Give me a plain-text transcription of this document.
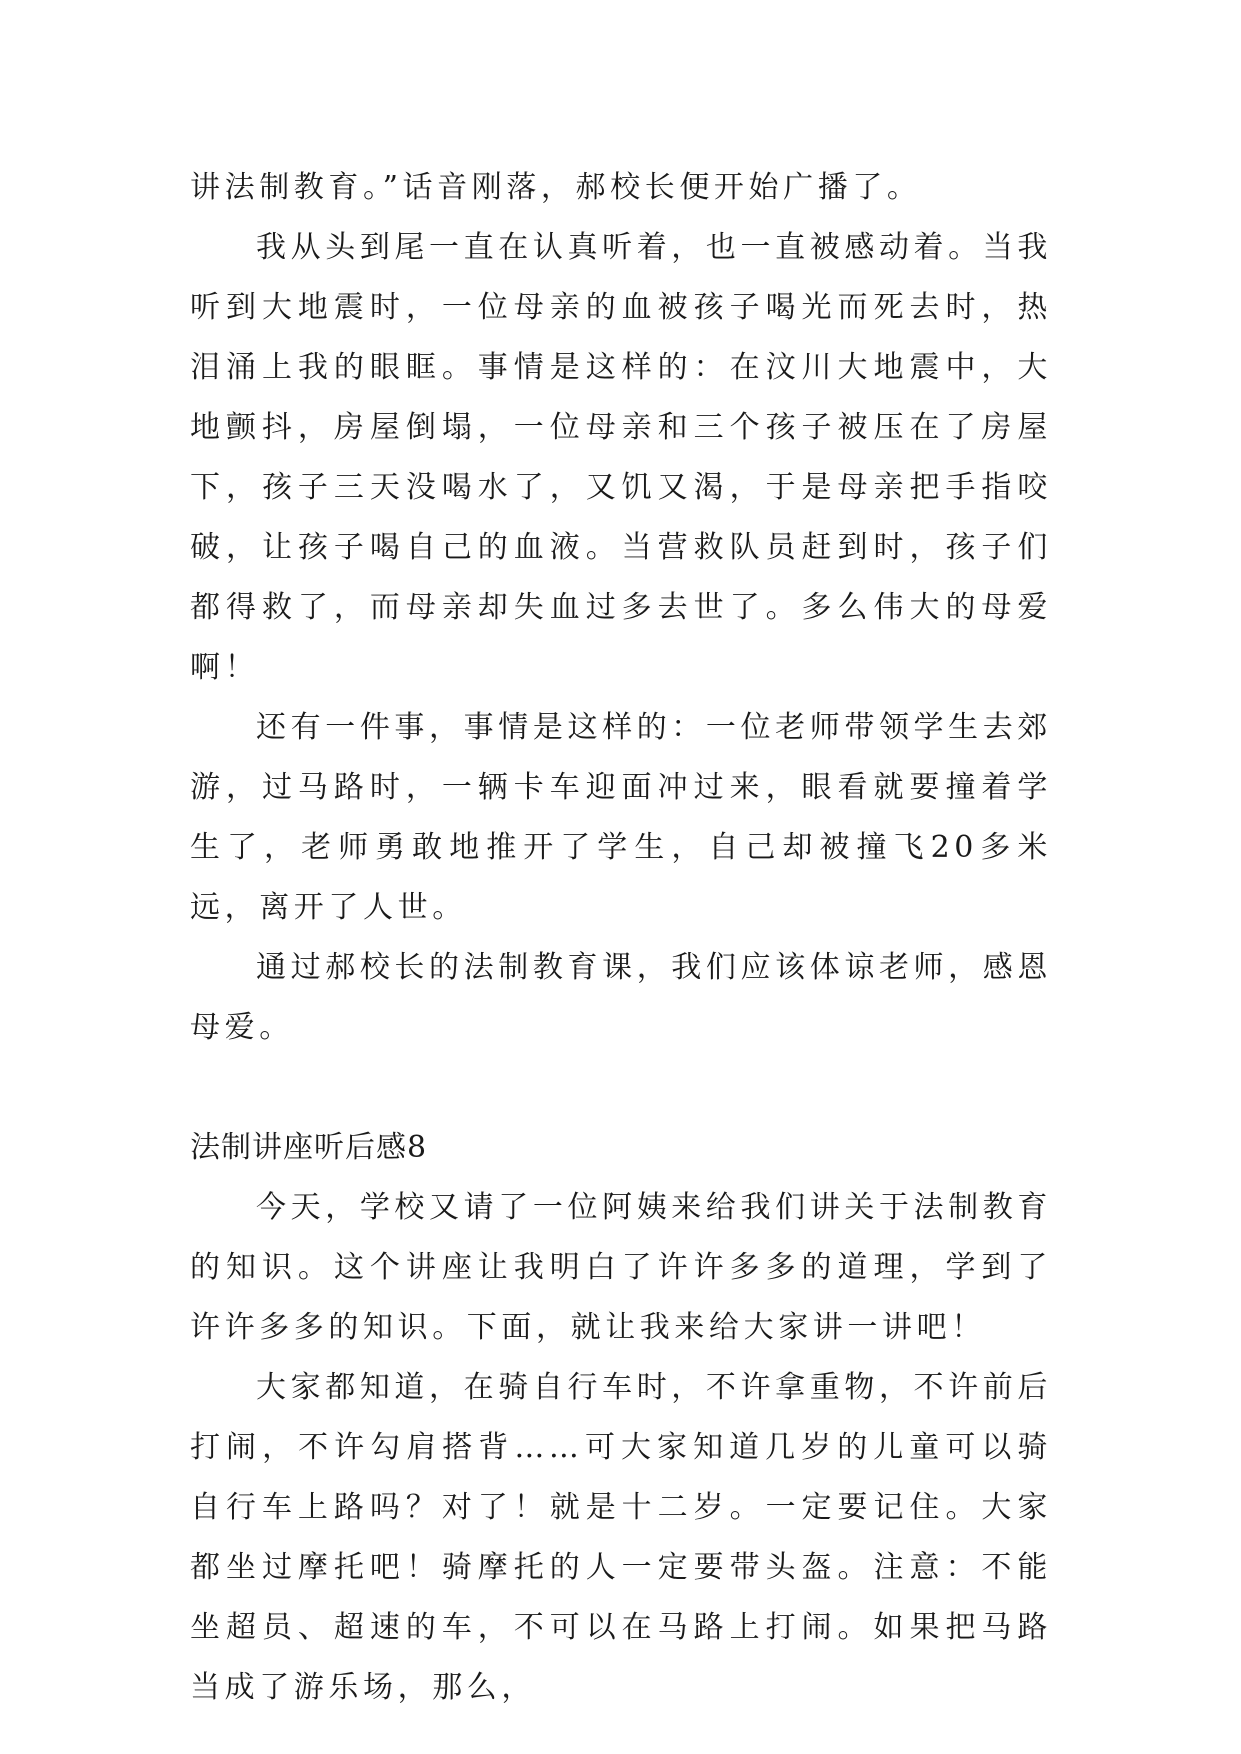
讲法制教育。”话音刚落，郝校长便开始广播了。

我从头到尾一直在认真听着，也一直被感动着。当我听到大地震时，一位母亲的血被孩子喝光而死去时，热泪涌上我的眼眶。事情是这样的：在汶川大地震中，大地颤抖，房屋倒塌，一位母亲和三个孩子被压在了房屋下，孩子三天没喝水了，又饥又渴，于是母亲把手指咬破，让孩子喝自己的血液。当营救队员赶到时，孩子们都得救了，而母亲却失血过多去世了。多么伟大的母爱啊！

还有一件事，事情是这样的：一位老师带领学生去郊游，过马路时，一辆卡车迎面冲过来，眼看就要撞着学生了，老师勇敢地推开了学生，自己却被撞飞20多米远，离开了人世。

通过郝校长的法制教育课，我们应该体谅老师，感恩母爱。

法制讲座听后感8

今天，学校又请了一位阿姨来给我们讲关于法制教育的知识。这个讲座让我明白了许许多多的道理，学到了许许多多的知识。下面，就让我来给大家讲一讲吧！

大家都知道，在骑自行车时，不许拿重物，不许前后打闹，不许勾肩搭背……可大家知道几岁的儿童可以骑自行车上路吗？对了！就是十二岁。一定要记住。大家都坐过摩托吧！骑摩托的人一定要带头盔。注意：不能坐超员、超速的车，不可以在马路上打闹。如果把马路当成了游乐场，那么，
